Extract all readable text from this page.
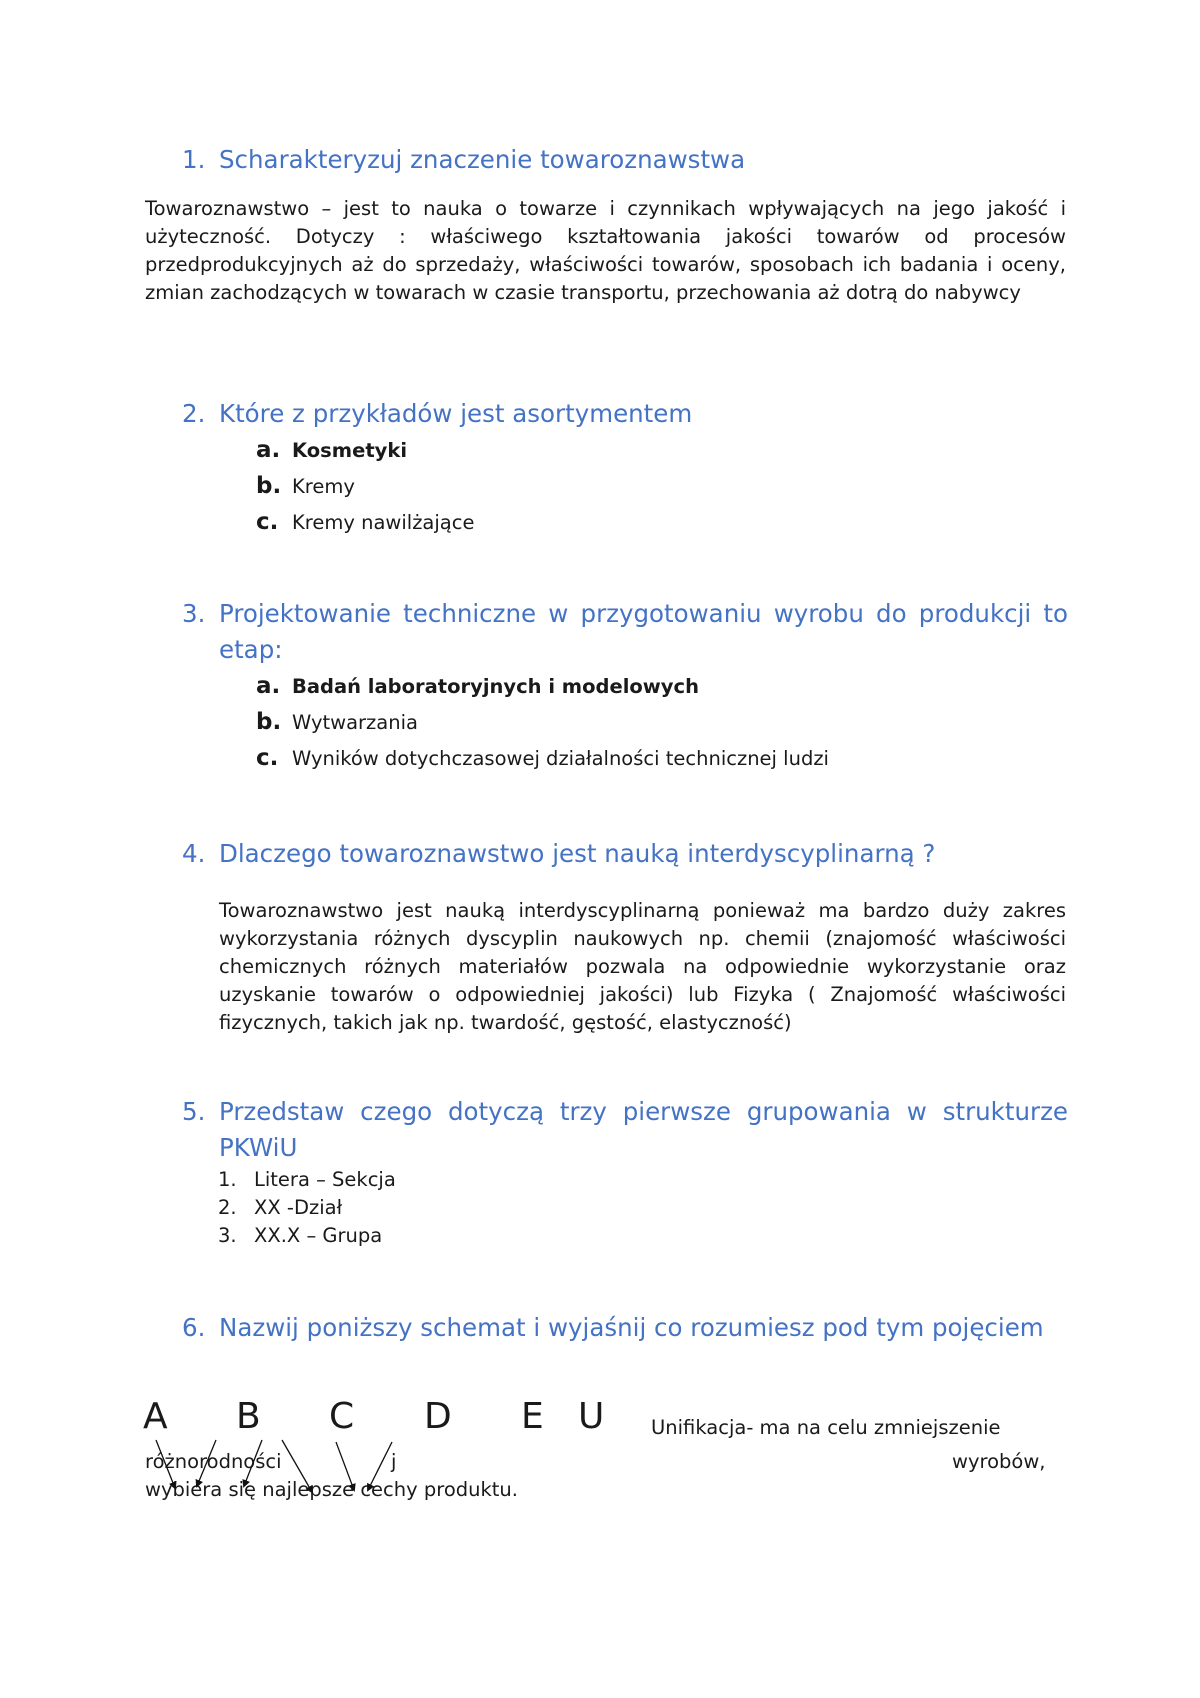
1. Scharakteryzuj znaczenie towaroznawstwa
Towaroznawstwo – jest to nauka o towarze i czynnikach wpływających na jego jakość i użyteczność. Dotyczy : właściwego kształtowania jakości towarów od procesów przedprodukcyjnych aż do sprzedaży, właściwości towarów, sposobach ich badania i oceny, zmian zachodzących w towarach w czasie transportu, przechowania aż dotrą do nabywcy
2. Które z przykładów jest asortymentem
a. Kosmetyki
b. Kremy
c. Kremy nawilżające
3. Projektowanie techniczne w przygotowaniu wyrobu do produkcji to etap:
a. Badań laboratoryjnych i modelowych
b. Wytwarzania
c. Wyników dotychczasowej działalności technicznej ludzi
4. Dlaczego towaroznawstwo jest nauką interdyscyplinarną ?
Towaroznawstwo jest nauką interdyscyplinarną ponieważ ma bardzo duży zakres wykorzystania różnych dyscyplin naukowych np. chemii (znajomość właściwości chemicznych różnych materiałów pozwala na odpowiednie wykorzystanie oraz uzyskanie towarów o odpowiedniej jakości) lub Fizyka ( Znajomość właściwości fizycznych, takich jak np. twardość, gęstość, elastyczność)
5. Przedstaw czego dotyczą trzy pierwsze grupowania w strukturze PKWiU
1. Litera – Sekcja
2. XX -Dział
3. XX.X – Grupa
6. Nazwij poniższy schemat i wyjaśnij co rozumiesz pod tym pojęciem
A B C D E U Unifikacja- ma na celu zmniejszenie
różnorodności	j	wyrobów,
wybiera się najlepsze cechy produktu.
